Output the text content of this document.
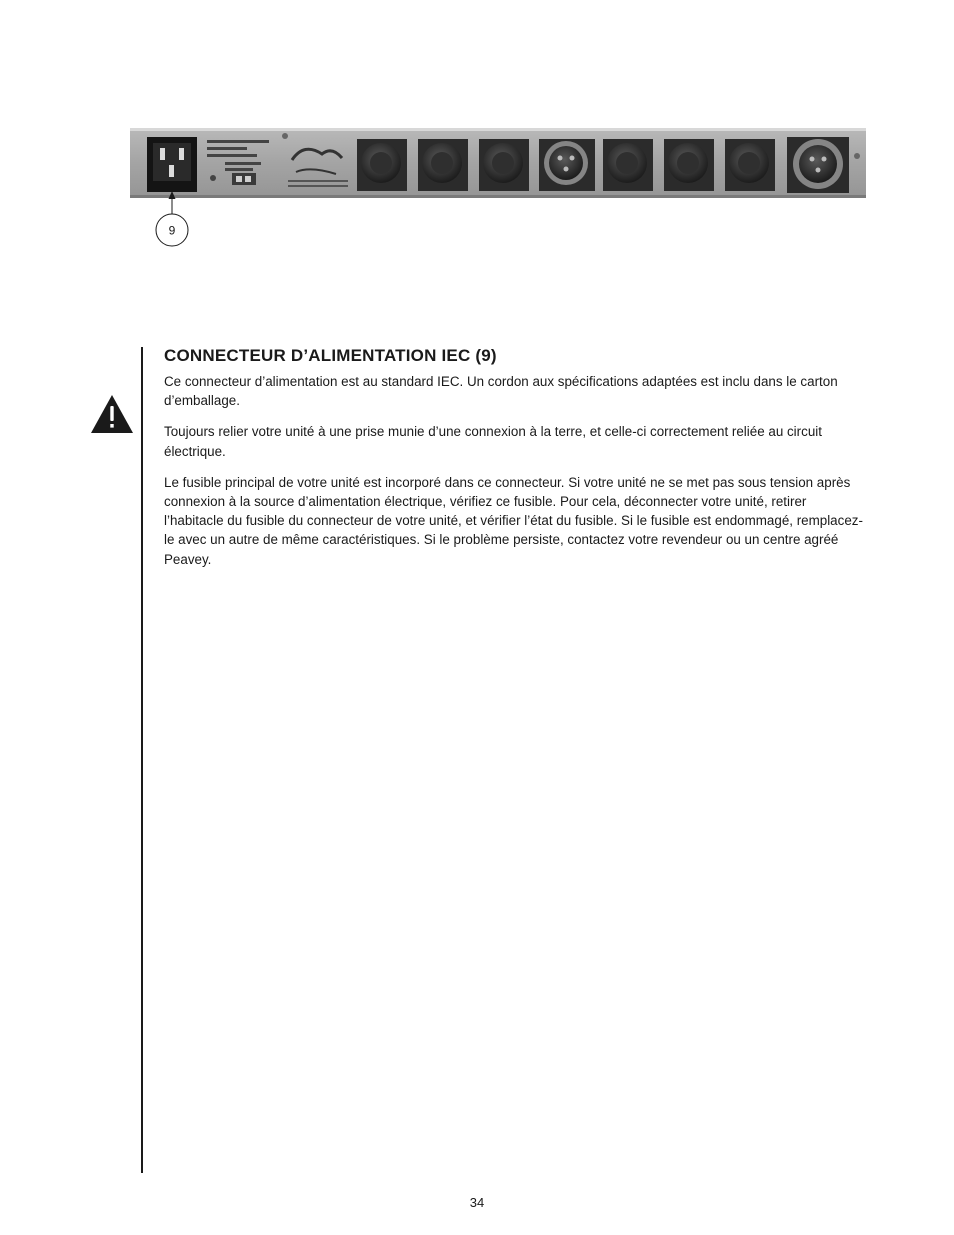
9
CONNECTEUR D’ALIMENTATION IEC (9)

Ce connecteur d’alimentation est au standard IEC. Un cordon aux spécifications adaptées est inclu dans le carton d’emballage.

Toujours relier votre unité à une prise munie d’une connexion à la terre, et celle-ci correctement reliée au circuit électrique.

Le fusible principal de votre unité est incorporé dans ce connecteur. Si votre unité ne se met pas sous tension après connexion à la source d’alimentation électrique, vérifiez ce fusible. Pour cela, déconnecter votre unité, retirer l’habitacle du fusible du connecteur de votre unité, et vérifier l’état du fusible. Si le fusible est endommagé, remplacez-le avec un autre de même caractéristiques. Si le problème persiste, contactez votre revendeur ou un centre agréé Peavey.

34
